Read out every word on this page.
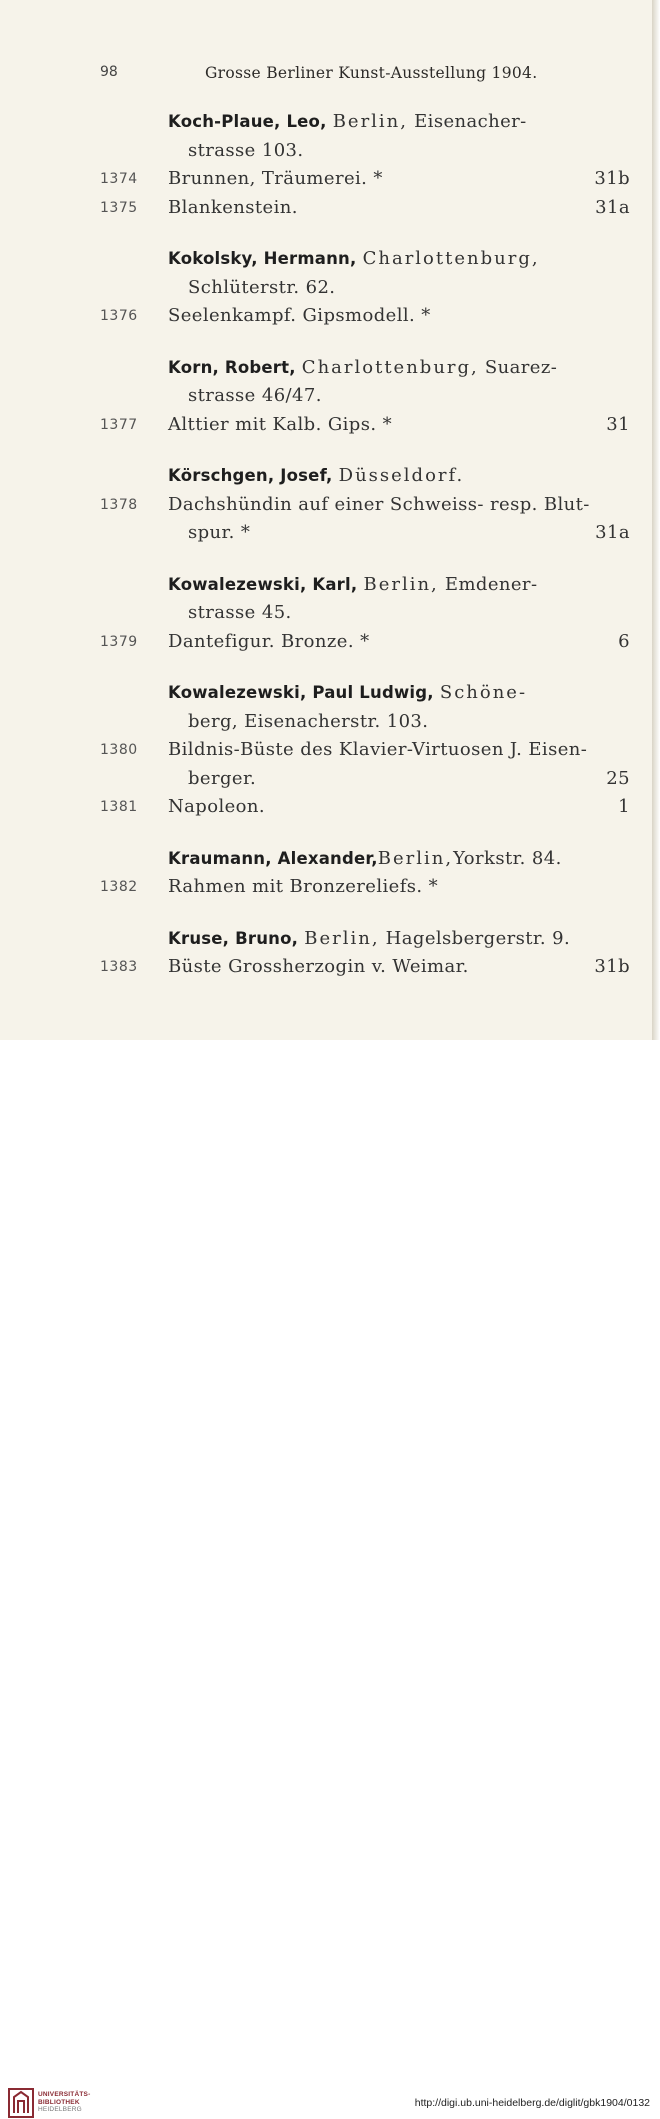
98	Grosse Berliner Kunst-Ausstellung 1904.
Koch-Plaue, Leo, Berlin, Eisenacher-
strasse 103.
1374 Brunnen, Träumerei. *	31b
1375 Blankenstein.	31a
Kokolsky, Hermann, Charlottenburg,
Schlüterstr. 62.
1376 Seelenkampf. Gipsmodell. *
Korn, Robert, Charlottenburg, Suarez-
strasse 46/47.
1377 Alttier mit Kalb. Gips. *	31
Körschgen, Josef, Düsseldorf.
1378 Dachshündin auf einer Schweiss- resp. Blut-
spur. *	31a
Kowalezewski, Karl, Berlin, Emdener-
strasse 45.
1379 Dantefigur. Bronze. *	6
Kowalezewski, Paul Ludwig, Schöne-
berg, Eisenacherstr. 103.
1380 Bildnis-Büste des Klavier-Virtuosen J. Eisen-
berger.	25
1381 Napoleon.	1
Kraumann, Alexander,Berlin,Yorkstr. 84.
1382 Rahmen mit Bronzereliefs. *
Kruse, Bruno, Berlin, Hagelsbergerstr. 9.
1383 Büste Grossherzogin v. Weimar.	31b
UNIVERSITÄTS-
BIBLIOTHEK
HEIDELBERG
http://digi.ub.uni-heidelberg.de/diglit/gbk1904/0132
